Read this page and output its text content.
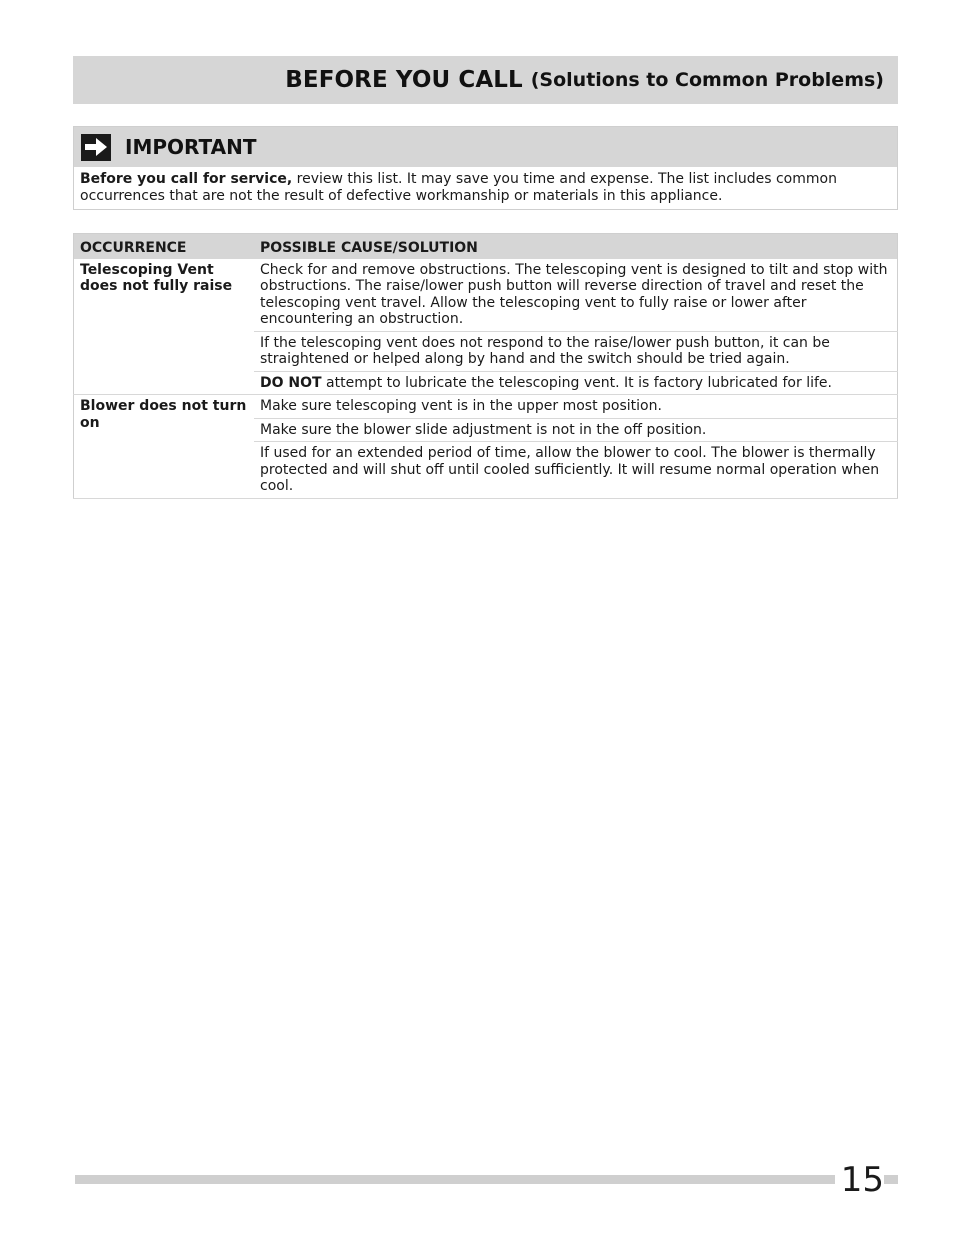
BEFORE YOU CALL (Solutions to Common Problems)
IMPORTANT
Before you call for service, review this list. It may save you time and expense. The list includes common occurrences that are not the result of defective workmanship or materials in this appliance.
OCCURRENCE	POSSIBLE CAUSE/SOLUTION
Telescoping Vent does not fully raise	Check for and remove obstructions. The telescoping vent is designed to tilt and stop with obstructions. The raise/lower push button will reverse direction of travel and reset the telescoping vent travel. Allow the telescoping vent to fully raise or lower after encountering an obstruction.
	If the telescoping vent does not respond to the raise/lower push button, it can be straightened or helped along by hand and the switch should be tried again.
	DO NOT attempt to lubricate the telescoping vent. It is factory lubricated for life.
Blower does not turn on	Make sure telescoping vent is in the upper most position.
	Make sure the blower slide adjustment is not in the off position.
	If used for an extended period of time, allow the blower to cool. The blower is thermally protected and will shut off until cooled sufficiently. It will resume normal operation when cool.
15
